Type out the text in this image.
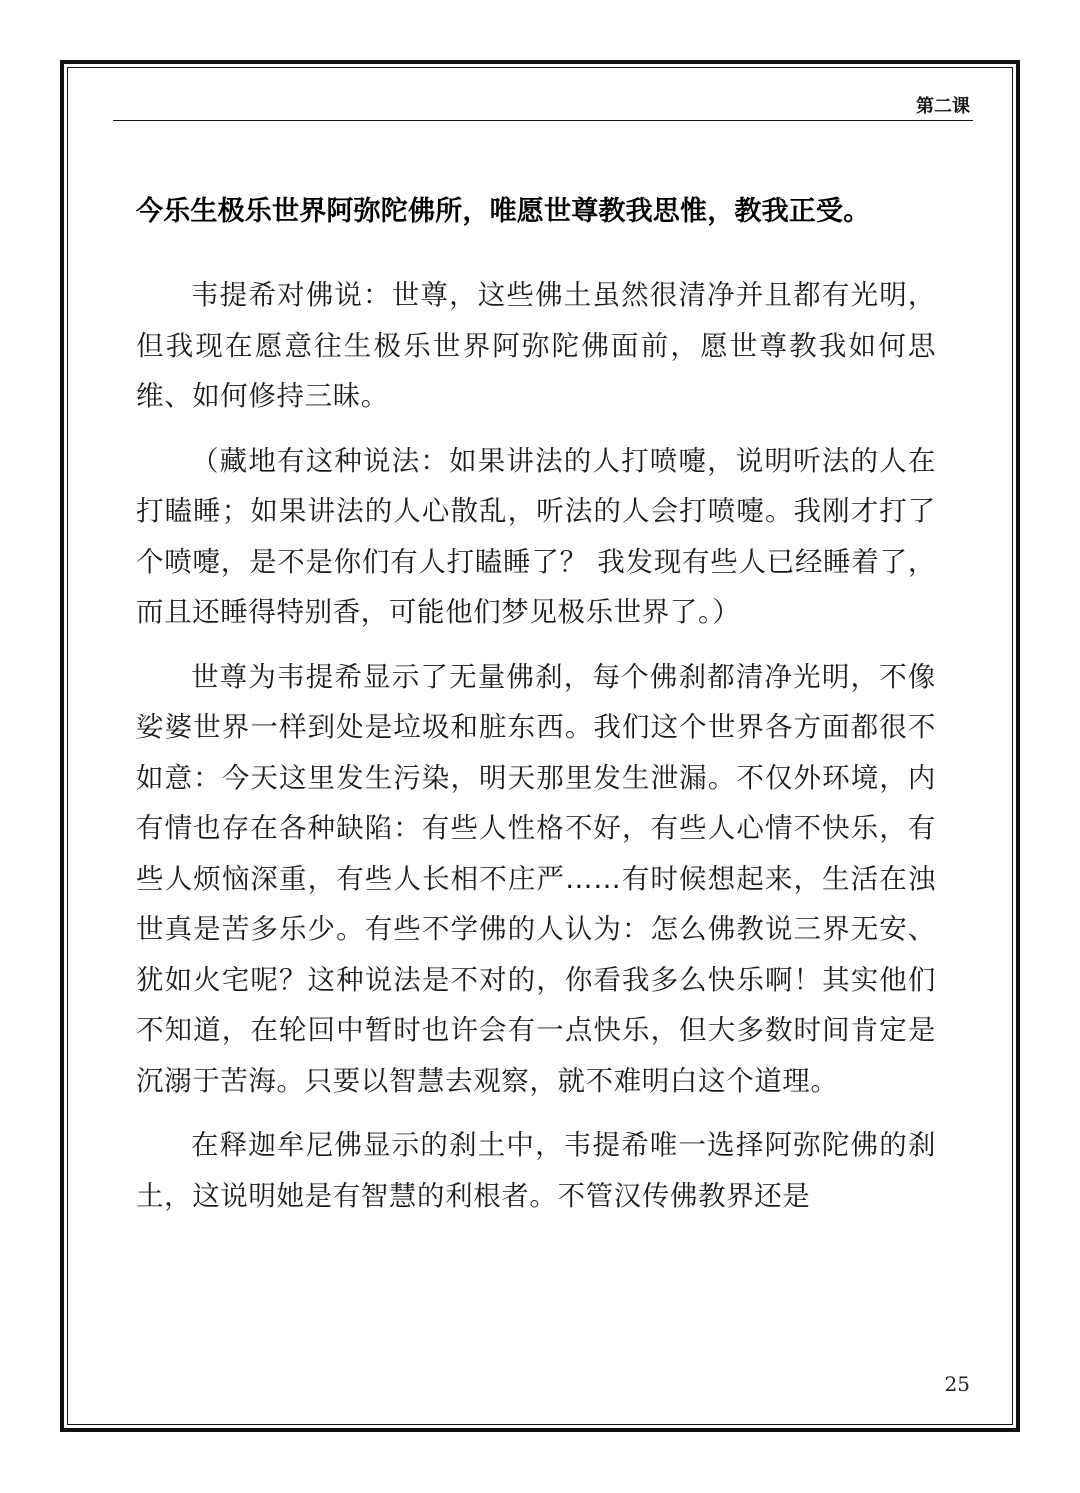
第二课

今乐生极乐世界阿弥陀佛所，唯愿世尊教我思惟，教我正受。

韦提希对佛说：世尊，这些佛土虽然很清净并且都有光明，但我现在愿意往生极乐世界阿弥陀佛面前，愿世尊教我如何思维、如何修持三昧。

（藏地有这种说法：如果讲法的人打喷嚏，说明听法的人在打瞌睡；如果讲法的人心散乱，听法的人会打喷嚏。我刚才打了个喷嚏，是不是你们有人打瞌睡了？ 我发现有些人已经睡着了，而且还睡得特别香，可能他们梦见极乐世界了。）

世尊为韦提希显示了无量佛刹，每个佛刹都清净光明，不像娑婆世界一样到处是垃圾和脏东西。我们这个世界各方面都很不如意：今天这里发生污染，明天那里发生泄漏。不仅外环境，内有情也存在各种缺陷：有些人性格不好，有些人心情不快乐，有些人烦恼深重，有些人长相不庄严……有时候想起来，生活在浊世真是苦多乐少。有些不学佛的人认为：怎么佛教说三界无安、犹如火宅呢？这种说法是不对的，你看我多么快乐啊！其实他们不知道，在轮回中暂时也许会有一点快乐，但大多数时间肯定是沉溺于苦海。只要以智慧去观察，就不难明白这个道理。

在释迦牟尼佛显示的刹土中，韦提希唯一选择阿弥陀佛的刹土，这说明她是有智慧的利根者。不管汉传佛教界还是

25
